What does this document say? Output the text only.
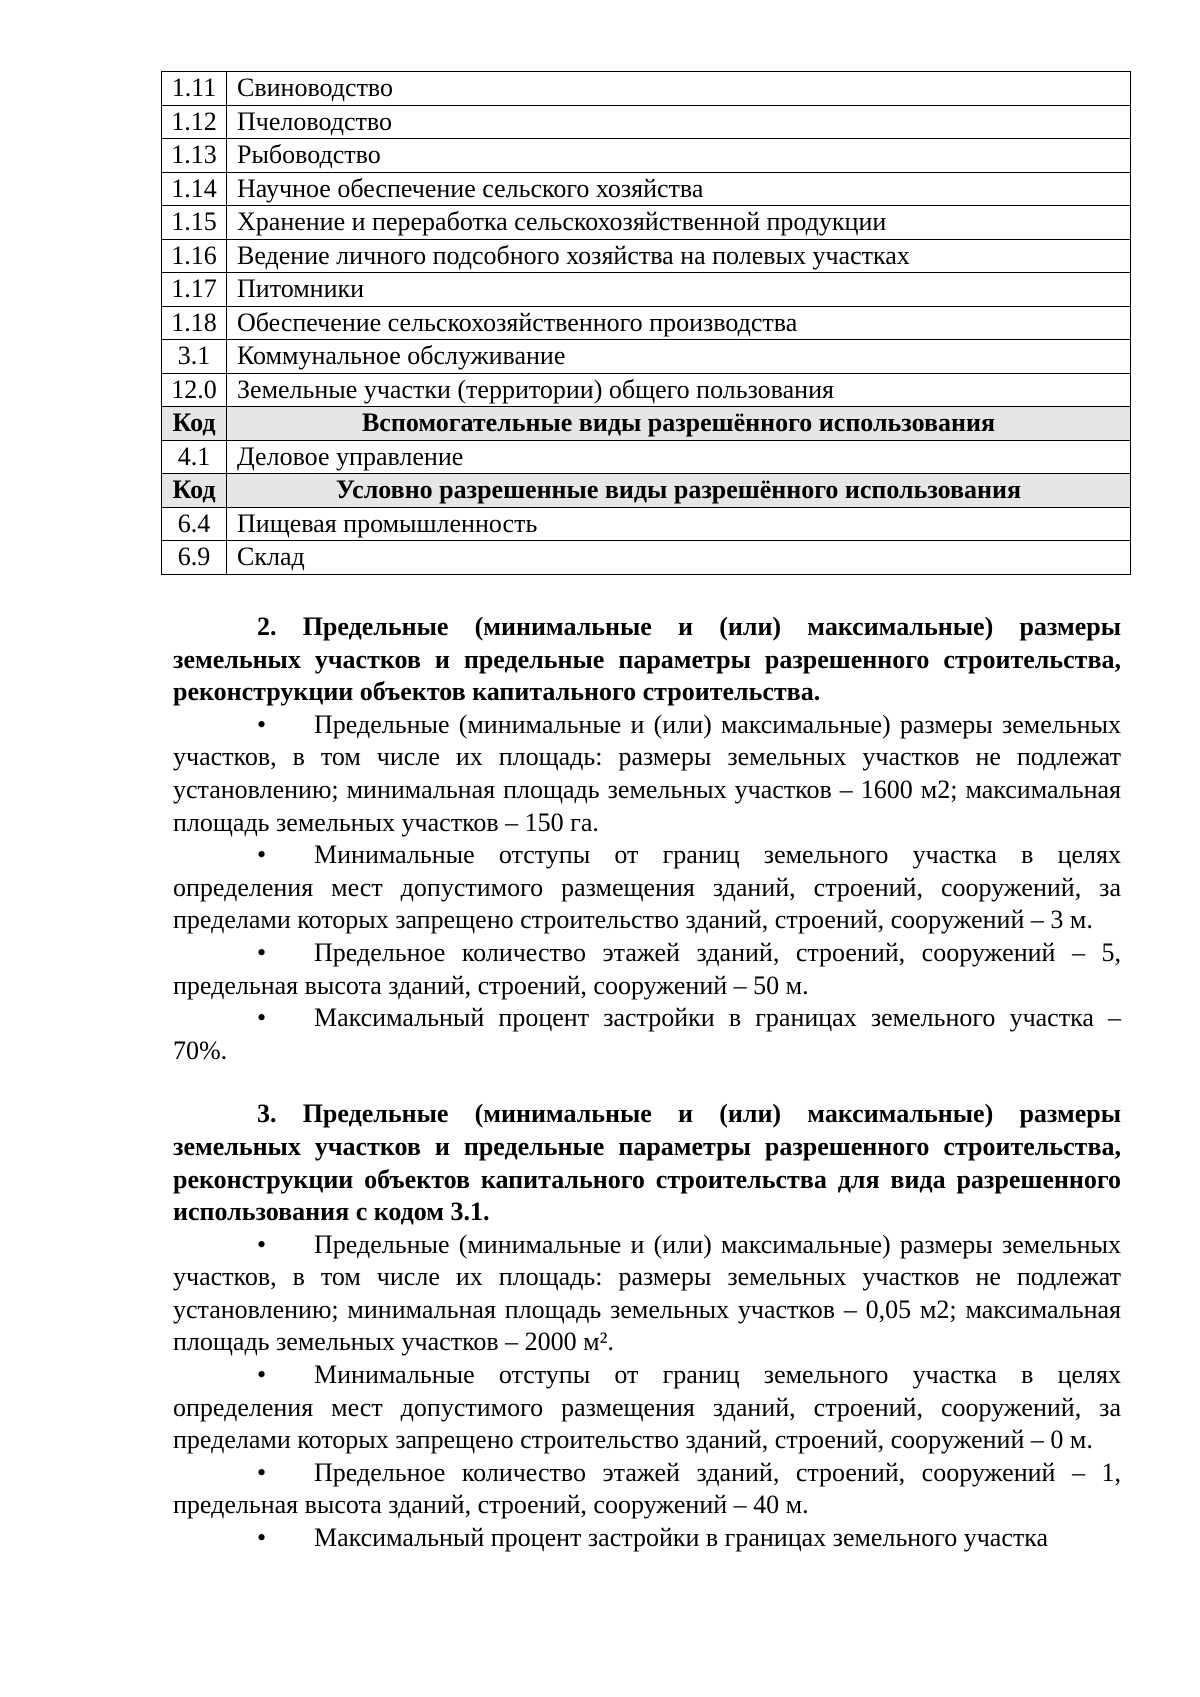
1.11	Свиноводство
1.12	Пчеловодство
1.13	Рыбоводство
1.14	Научное обеспечение сельского хозяйства
1.15	Хранение и переработка сельскохозяйственной продукции
1.16	Ведение личного подсобного хозяйства на полевых участках
1.17	Питомники
1.18	Обеспечение сельскохозяйственного производства
3.1	Коммунальное обслуживание
12.0	Земельные участки (территории) общего пользования
Код	Вспомогательные виды разрешённого использования
4.1	Деловое управление
Код	Условно разрешенные виды разрешённого использования
6.4	Пищевая промышленность
6.9	Склад
2. Предельные (минимальные и (или) максимальные) размеры земельных участков и предельные параметры разрешенного строительства, реконструкции объектов капитального строительства.
• Предельные (минимальные и (или) максимальные) размеры земельных участков, в том числе их площадь: размеры земельных участков не подлежат установлению; минимальная площадь земельных участков – 1600 м2; максимальная площадь земельных участков – 150 га.
• Минимальные отступы от границ земельного участка в целях определения мест допустимого размещения зданий, строений, сооружений, за пределами которых запрещено строительство зданий, строений, сооружений – 3 м.
• Предельное количество этажей зданий, строений, сооружений – 5, предельная высота зданий, строений, сооружений – 50 м.
• Максимальный процент застройки в границах земельного участка – 70%.
3. Предельные (минимальные и (или) максимальные) размеры земельных участков и предельные параметры разрешенного строительства, реконструкции объектов капитального строительства для вида разрешенного использования с кодом 3.1.
• Предельные (минимальные и (или) максимальные) размеры земельных участков, в том числе их площадь: размеры земельных участков не подлежат установлению; минимальная площадь земельных участков – 0,05 м2; максимальная площадь земельных участков – 2000 м².
• Минимальные отступы от границ земельного участка в целях определения мест допустимого размещения зданий, строений, сооружений, за пределами которых запрещено строительство зданий, строений, сооружений – 0 м.
• Предельное количество этажей зданий, строений, сооружений – 1, предельная высота зданий, строений, сооружений – 40 м.
• Максимальный процент застройки в границах земельного участка
